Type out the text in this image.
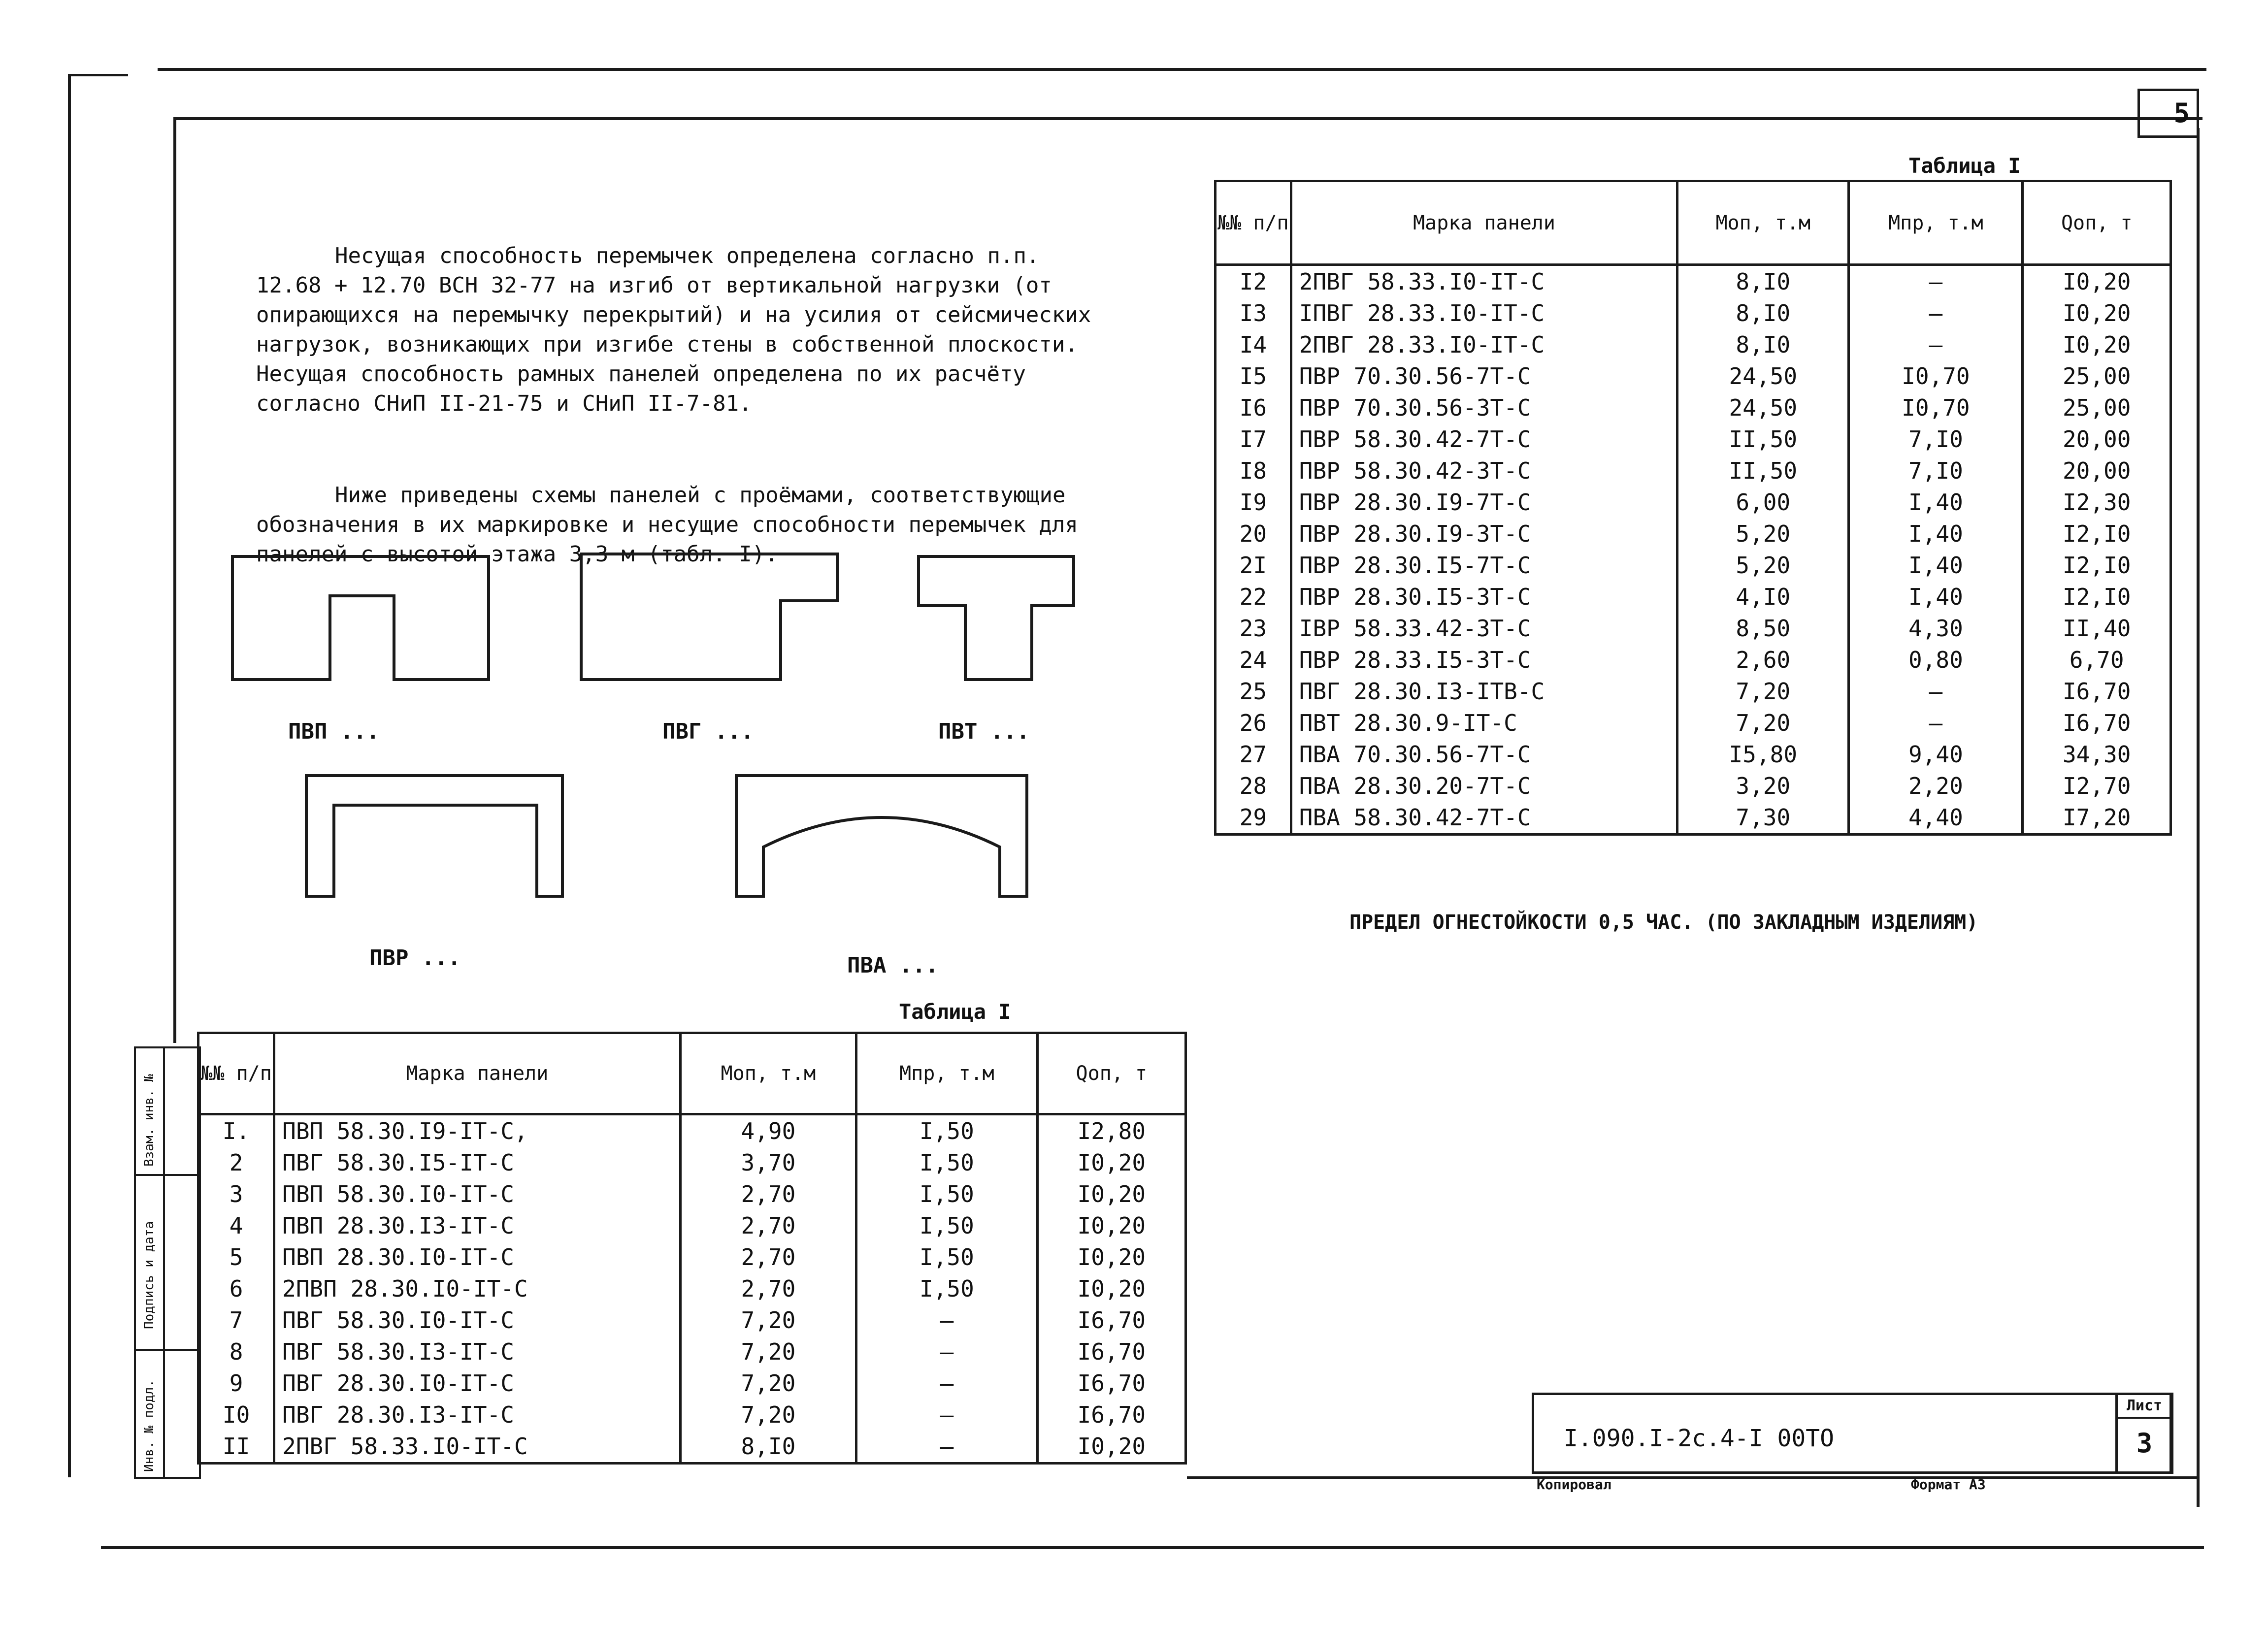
5

Несущая способность перемычек определена согласно п.п. 12.68 + 12.70 ВСН 32-77 на изгиб от вертикальной нагрузки (от опирающихся на перемычку перекрытий) и на усилия от сейсмических нагрузок, возникающих при изгибе стены в собственной плоскости. Несущая способность рамных панелей определена по их расчёту согласно СНиП II-21-75 и СНиП II-7-81.

Ниже приведены схемы панелей с проёмами, соответствующие обозначения в их маркировке и несущие способности перемычек для панелей с высотой этажа 3,3 м (табл. I).

ПВП ...	ПВГ ...	ПВТ ...
ПВР ...	ПВА ...
Таблица I
№№ п/п	Марка панели	Моп, т.м	Мпр, т.м	Qоп, т
I.	ПВП 58.30.I9-IТ-С,	4,90	I,50	I2,80
2	ПВГ 58.30.I5-IТ-С	3,70	I,50	I0,20
3	ПВП 58.30.I0-IТ-С	2,70	I,50	I0,20
4	ПВП 28.30.I3-IТ-С	2,70	I,50	I0,20
5	ПВП 28.30.I0-IТ-С	2,70	I,50	I0,20
6	2ПВП 28.30.I0-IТ-С	2,70	I,50	I0,20
7	ПВГ 58.30.I0-IТ-С	7,20	—	I6,70
8	ПВГ 58.30.I3-IТ-С	7,20	—	I6,70
9	ПВГ 28.30.I0-IТ-С	7,20	—	I6,70
I0	ПВГ 28.30.I3-IТ-С	7,20	—	I6,70
II	2ПВГ 58.33.I0-IТ-С	8,I0	—	I0,20
Таблица I
№№ п/п	Марка панели	Моп, т.м	Мпр, т.м	Qоп, т
I2	2ПВГ 58.33.I0-IТ-С	8,I0	—	I0,20
I3	IПВГ 28.33.I0-IТ-С	8,I0	—	I0,20
I4	2ПВГ 28.33.I0-IТ-С	8,I0	—	I0,20
I5	ПВР 70.30.56-7Т-С	24,50	I0,70	25,00
I6	ПВР 70.30.56-3Т-С	24,50	I0,70	25,00
I7	ПВР 58.30.42-7Т-С	II,50	7,I0	20,00
I8	ПВР 58.30.42-3Т-С	II,50	7,I0	20,00
I9	ПВР 28.30.I9-7Т-С	6,00	I,40	I2,30
20	ПВР 28.30.I9-3Т-С	5,20	I,40	I2,I0
2I	ПВР 28.30.I5-7Т-С	5,20	I,40	I2,I0
22	ПВР 28.30.I5-3Т-С	4,I0	I,40	I2,I0
23	IВР 58.33.42-3Т-С	8,50	4,30	II,40
24	ПВР 28.33.I5-3Т-С	2,60	0,80	6,70
25	ПВГ 28.30.I3-IТВ-С	7,20	—	I6,70
26	ПВТ 28.30.9-IТ-С	7,20	—	I6,70
27	ПВА 70.30.56-7Т-С	I5,80	9,40	34,30
28	ПВА 28.30.20-7Т-С	3,20	2,20	I2,70
29	ПВА 58.30.42-7Т-С	7,30	4,40	I7,20
ПРЕДЕЛ ОГНЕСТОЙКОСТИ 0,5 ЧАС. (ПО ЗАКЛАДНЫМ ИЗДЕЛИЯМ)
Взам. инв. №
Подпись и дата
Инв. № подл.	I.090.I-2с.4-I 00ТО
Лист
3
Копировал	Формат А3
